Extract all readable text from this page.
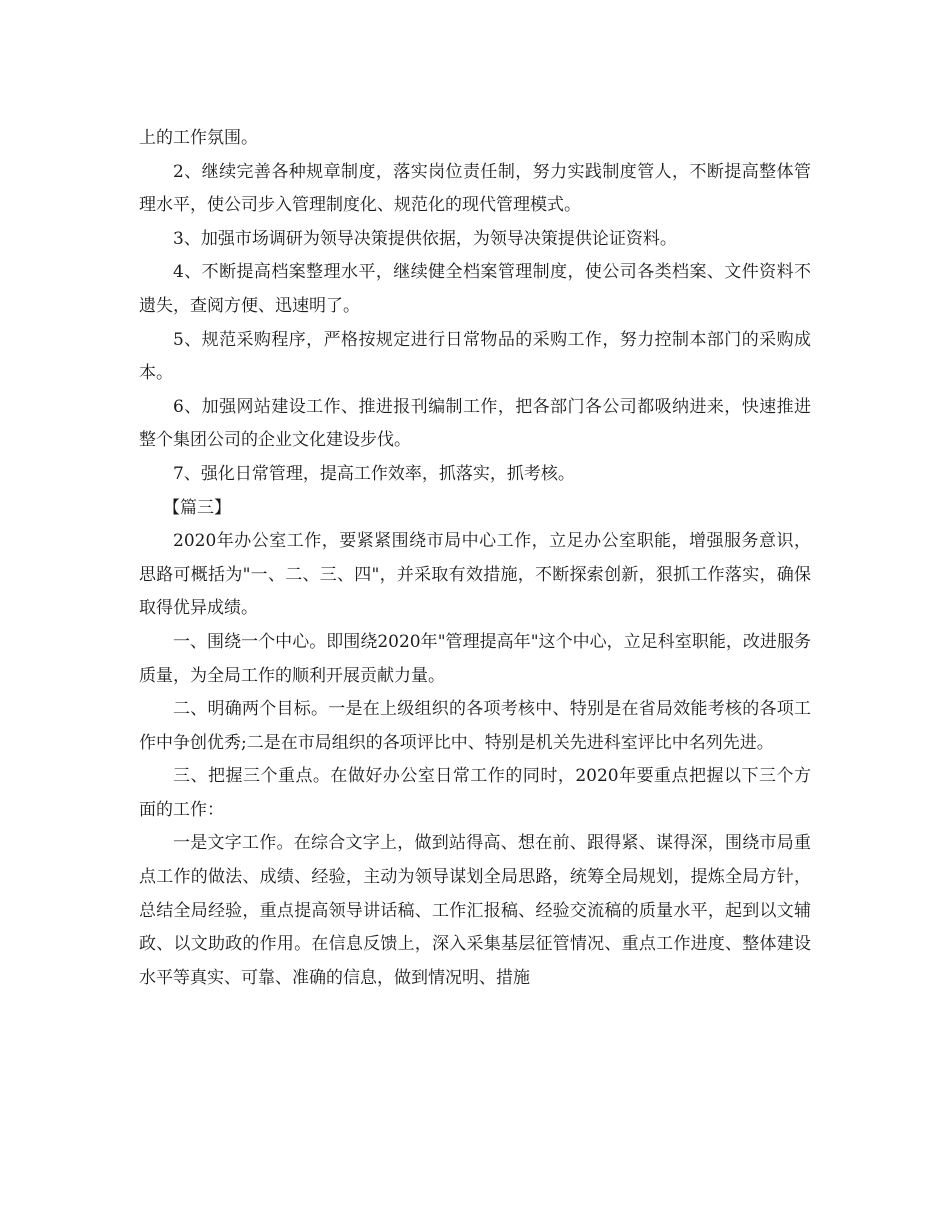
上的工作氛围。

2、继续完善各种规章制度，落实岗位责任制，努力实践制度管人，不断提高整体管理水平，使公司步入管理制度化、规范化的现代管理模式。

3、加强市场调研为领导决策提供依据，为领导决策提供论证资料。

4、不断提高档案整理水平，继续健全档案管理制度，使公司各类档案、文件资料不遗失，查阅方便、迅速明了。

5、规范采购程序，严格按规定进行日常物品的采购工作，努力控制本部门的采购成本。

6、加强网站建设工作、推进报刊编制工作，把各部门各公司都吸纳进来，快速推进整个集团公司的企业文化建设步伐。

7、强化日常管理，提高工作效率，抓落实，抓考核。

【篇三】

2020年办公室工作，要紧紧围绕市局中心工作，立足办公室职能，增强服务意识，思路可概括为"一、二、三、四"，并采取有效措施，不断探索创新，狠抓工作落实，确保取得优异成绩。

一、围绕一个中心。即围绕2020年"管理提高年"这个中心，立足科室职能，改进服务质量，为全局工作的顺利开展贡献力量。

二、明确两个目标。一是在上级组织的各项考核中、特别是在省局效能考核的各项工作中争创优秀;二是在市局组织的各项评比中、特别是机关先进科室评比中名列先进。

三、把握三个重点。在做好办公室日常工作的同时，2020年要重点把握以下三个方面的工作：

一是文字工作。在综合文字上，做到站得高、想在前、跟得紧、谋得深，围绕市局重点工作的做法、成绩、经验，主动为领导谋划全局思路，统筹全局规划，提炼全局方针，总结全局经验，重点提高领导讲话稿、工作汇报稿、经验交流稿的质量水平，起到以文辅政、以文助政的作用。在信息反馈上，深入采集基层征管情况、重点工作进度、整体建设水平等真实、可靠、准确的信息，做到情况明、措施
